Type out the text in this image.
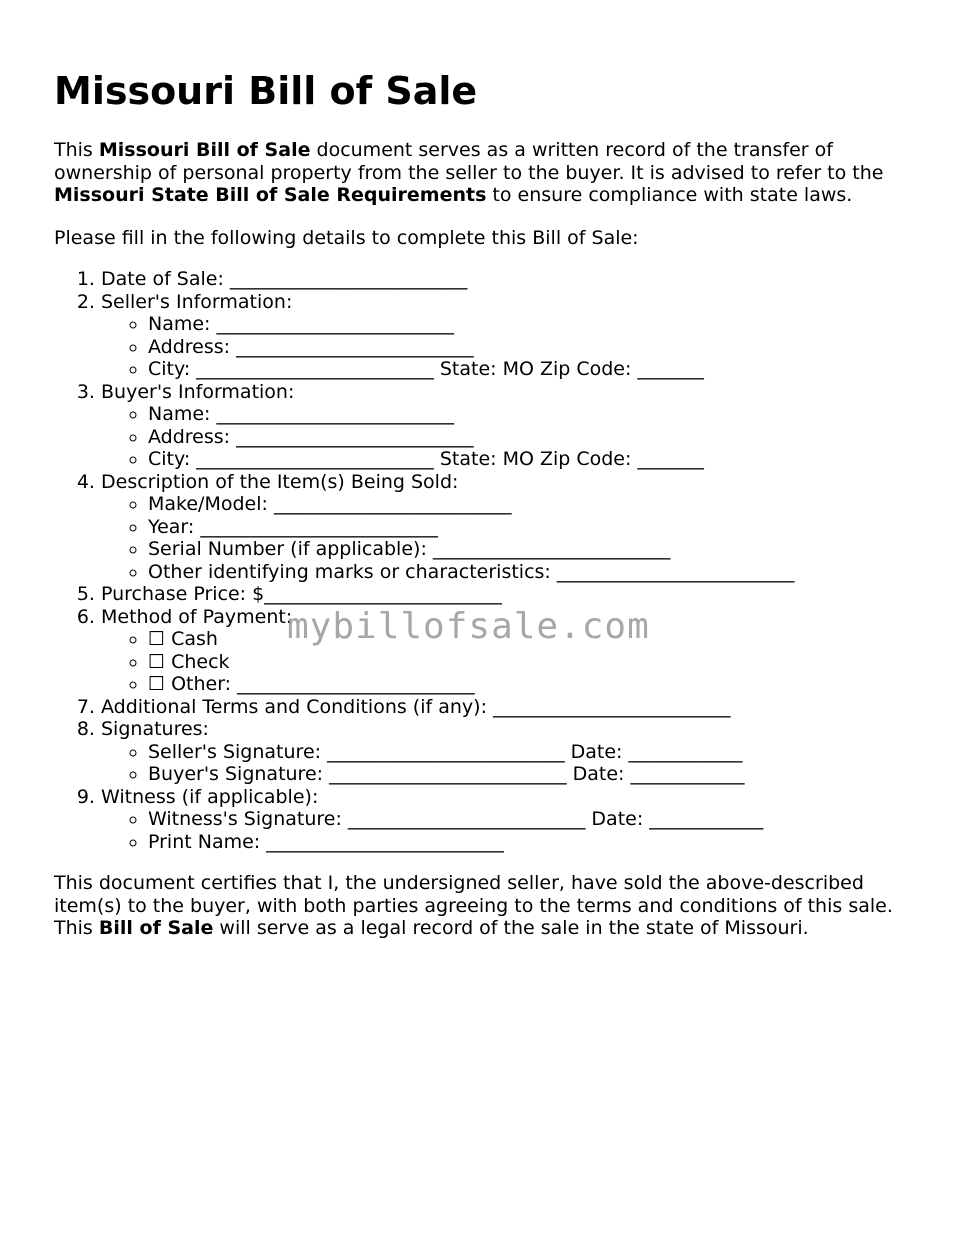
Missouri Bill of Sale

This Missouri Bill of Sale document serves as a written record of the transfer of ownership of personal property from the seller to the buyer. It is advised to refer to the Missouri State Bill of Sale Requirements to ensure compliance with state laws.

Please fill in the following details to complete this Bill of Sale:

1. Date of Sale: _________________________
2. Seller's Information:
◦ Name: _________________________
◦ Address: _________________________
◦ City: _________________________ State: MO Zip Code: _______
3. Buyer's Information:
◦ Name: _________________________
◦ Address: _________________________
◦ City: _________________________ State: MO Zip Code: _______
4. Description of the Item(s) Being Sold:
◦ Make/Model: _________________________
◦ Year: _________________________
◦ Serial Number (if applicable): _________________________
◦ Other identifying marks or characteristics: _________________________
5. Purchase Price: $_________________________
6. Method of Payment:
◦ ☐ Cash
◦ ☐ Check
◦ ☐ Other: _________________________
7. Additional Terms and Conditions (if any): _________________________
8. Signatures:
◦ Seller's Signature: _________________________ Date: ____________
◦ Buyer's Signature: _________________________ Date: ____________
9. Witness (if applicable):
◦ Witness's Signature: _________________________ Date: ____________
◦ Print Name: _________________________

This document certifies that I, the undersigned seller, have sold the above-described item(s) to the buyer, with both parties agreeing to the terms and conditions of this sale. This Bill of Sale will serve as a legal record of the sale in the state of Missouri.

mybillofsale.com
